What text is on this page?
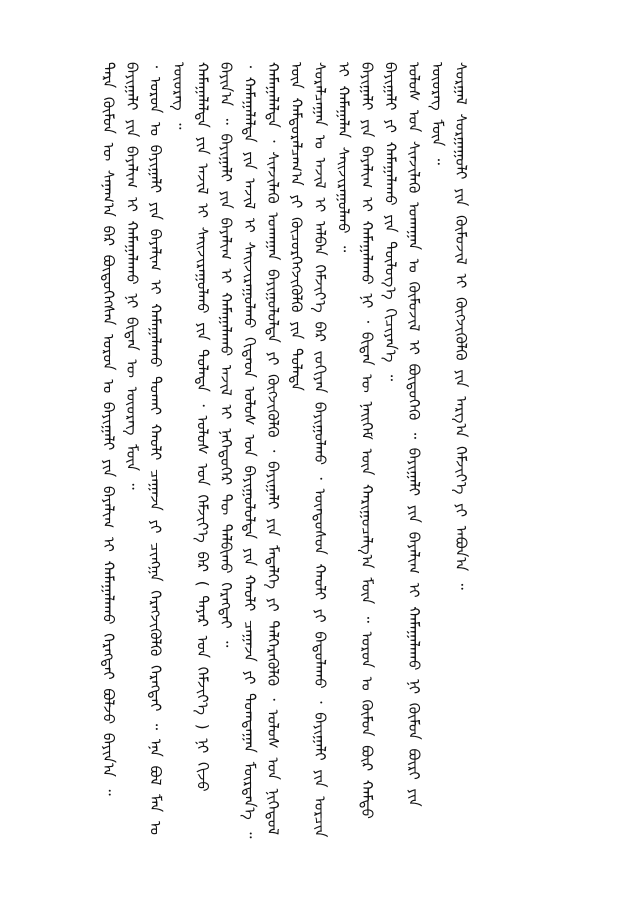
ᠲᠡᠷᠡ ᠬᠦᠮᠦᠨ ᠦ ᠰᠠᠨᠠᠭ᠎ᠠ ᠪᠡᠷ ᠪᠦᠲᠦᠭᠡᠭᠰᠡᠨ ᠤᠷᠤᠨ ᠤ ᠪᠠᠶᠢᠭᠠᠯᠢ ᠶᠢᠨ ᠪᠠᠶᠠᠯᠢᠭ ᠢ ᠬᠠᠮᠠᠭᠠᠯᠠᠬᠤ ᠬᠡᠷᠡᠭᠲᠡᠢ ᠪᠣᠯᠵᠤ ᠪᠠᠶᠢᠨ᠎ᠠ ᠃ ᠪᠠᠶᠢᠭᠠᠯᠢ ᠶᠢᠨ ᠪᠠᠶᠠᠯᠢᠭ ᠢ ᠬᠠᠮᠠᠭᠠᠯᠠᠬᠤ ᠨᠢ ᠪᠢᠳᠡᠨ ᠦ ᠦᠦᠷᠡᠭ ᠮᠦᠨ ᠃ ᠂ ᠤᠷᠤᠨ ᠤ ᠪᠠᠶᠢᠭᠠᠯᠢ ᠶᠢᠨ ᠪᠠᠶᠠᠯᠢᠭ ᠢ ᠬᠠᠮᠠᠭᠠᠯᠠᠬᠤ ᠲᠤᠬᠠᠢ ᠬᠠᠤᠯᠢ ᠴᠠᠭᠠᠵᠠ ᠶᠢ ᠴᠢᠩᠭᠠ ᠬᠡᠷᠡᠭᠵᠢᠭᠦᠯᠬᠦ ᠬᠡᠷᠡᠭᠲᠡᠢ ᠃ ᠡᠨᠡ ᠪᠣᠯ ᠮᠠᠨ ᠤ ᠦᠦᠷᠡᠭ ᠃ ᠬᠠᠮᠠᠭᠠᠯᠠᠯᠲᠠ ᠶᠢᠨ ᠠᠵᠢᠯ ᠢ ᠰᠠᠢᠵᠢᠷᠠᠭᠤᠯᠬᠤ ᠶᠢᠨ ᠲᠤᠯᠠᠳᠠ ᠂ ᠤᠯᠤᠰ ᠤᠨ ᠬᠡᠮᠵᠢᠶ᠎ᠡ ᠪᠡᠷ ( ᠳᠠᠶᠠᠷ ᠤᠨ ᠬᠡᠮᠵᠢᠶ᠎ᠡ ) ᠨᠢ ᠬᠢᠵᠦ ᠪᠠᠶᠢᠨ᠎ᠠ ᠃ ᠪᠠᠶᠢᠭᠠᠯᠢ ᠶᠢᠨ ᠪᠠᠶᠠᠯᠢᠭ ᠢ ᠬᠠᠮᠠᠭᠠᠯᠠᠬᠤ ᠠᠵᠢᠯ ᠢ ᠨᠡᠭᠡᠳᠦᠭᠡᠷ ᠲᠦ ᠲᠠᠯᠪᠢᠬᠤ ᠬᠡᠷᠡᠭᠲᠡᠢ ᠃ ᠂ ᠬᠠᠮᠠᠭᠠᠯᠠᠯᠲᠠ ᠶᠢᠨ ᠠᠵᠢᠯ ᠢ ᠰᠠᠢᠵᠢᠷᠠᠭᠤᠯᠬᠤ ᠬᠢᠲᠠᠳ ᠤᠯᠤᠰ ᠤᠨ ᠪᠠᠶᠢᠭᠤᠯᠤᠯᠲᠠ ᠶᠢᠨ ᠬᠠᠤᠯᠢ ᠴᠠᠭᠠᠵᠠ ᠶᠢ ᠲᠣᠭᠲᠠᠭᠠᠨ ᠮᠦᠷᠳᠡᠨ᠎ᠡ ᠃ ᠬᠠᠮᠠᠭᠠᠯᠠᠯᠲᠠ ᠂ ᠰᠢᠨᠵᠢᠯᠡᠬᠦ ᠤᠬᠠᠭᠠᠨ ᠪᠠᠶᠢᠭᠤᠯᠤᠯᠲᠠ ᠶᠢ ᠬᠦᠭᠵᠢᠭᠦᠯᠬᠦ ᠂ ᠪᠠᠶᠢᠭᠠᠯᠢ ᠶᠢᠨ ᠮᠡᠳᠡᠯᠭᠡ ᠶᠢ ᠳᠡᠯᠭᠡᠷᠡᠭᠦᠯᠬᠦ ᠂ ᠤᠯᠤᠰ ᠤᠨ ᠨᠢᠭᠡᠳᠦᠯ ᠦᠨ ᠬᠠᠮᠲᠤᠷᠠᠯᠴᠠᠭ᠎ᠠ ᠶᠢ ᠬᠦᠴᠦᠷᠬᠡᠭᠵᠢᠭᠦᠯᠬᠦ ᠶᠢᠨ ᠲᠤᠯᠠᠳᠠ ᠰᠤᠷᠠᠯᠴᠠᠭᠠᠨ ᠤ ᠠᠵᠢᠯ ᠢ ᠠᠯᠪᠠᠨ ᠬᠡᠮᠵᠢᠶ᠎ᠡ ᠪᠡᠷ ᠵᠣᠬᠢᠶᠠᠨ ᠪᠠᠶᠢᠭᠤᠯᠬᠤ ᠂ ᠦᠨᠳᠦᠰᠦᠨ ᠬᠠᠤᠯᠢ ᠶᠢ ᠪᠠᠲᠤᠯᠠᠬᠤ ᠂ ᠪᠠᠶᠢᠭᠠᠯᠢ ᠶᠢᠨ ᠤᠷᠴᠢᠨ ᠢ ᠬᠠᠮᠠᠭᠠᠯᠠᠨ ᠰᠠᠢᠵᠢᠷᠠᠭᠤᠯᠬᠤ ᠃ ᠪᠠᠶᠢᠭᠠᠯᠢ ᠶᠢᠨ ᠪᠠᠶᠠᠯᠢᠭ ᠢ ᠬᠠᠮᠠᠭᠠᠯᠠᠬᠤ ᠨᠢ ᠂ ᠪᠢᠳᠡᠨ ᠦ ᠨᠡᠢᠭᠡᠮ ᠦᠨ ᠬᠠᠷᠢᠭᠤᠴᠠᠯᠭ᠎ᠠ ᠮᠦᠨ ᠃ ᠤᠷᠤᠨ ᠤ ᠬᠦᠮᠦᠨ ᠪᠦᠷ ᠬᠠᠮᠲᠤ ᠪᠠᠶᠢᠭᠠᠯᠢ ᠶᠢ ᠬᠠᠮᠠᠭᠠᠯᠠᠬᠤ ᠶᠢᠨ ᠲᠥᠯᠥᠭ᠎ᠡ ᠬᠢᠴᠢᠶᠡᠨ᠎ᠡ ᠃ ᠤᠯᠤᠰ ᠤᠨ ᠰᠢᠨᠵᠢᠯᠡᠬᠦ ᠤᠬᠠᠭᠠᠨ ᠤ ᠬᠦᠮᠦᠵᠢᠯ ᠢ ᠪᠦᠲᠦᠭᠡᠬᠦ ᠃ ᠪᠠᠶᠢᠭᠠᠯᠢ ᠶᠢᠨ ᠪᠠᠶᠠᠯᠢᠭ ᠢ ᠬᠠᠮᠠᠭᠠᠯᠠᠬᠤ ᠨᠢ ᠬᠦᠮᠦᠨ ᠪᠦᠷᠢ ᠶᠢᠨ ᠦᠦᠷᠡᠭ ᠮᠦᠨ ᠃ ᠰᠤᠷᠭᠠᠯ ᠰᠤᠷᠭᠠᠭᠤᠯᠢ ᠶᠢᠨ ᠬᠦᠮᠦᠵᠢᠯ ᠢ ᠬᠦᠭᠵᠢᠭᠦᠯᠬᠦ ᠶᠢᠨ ᠠᠷᠭ᠎ᠠ ᠬᠡᠮᠵᠢᠶ᠎ᠡ ᠶᠢ ᠠᠪᠤᠨ᠎ᠠ ᠃
